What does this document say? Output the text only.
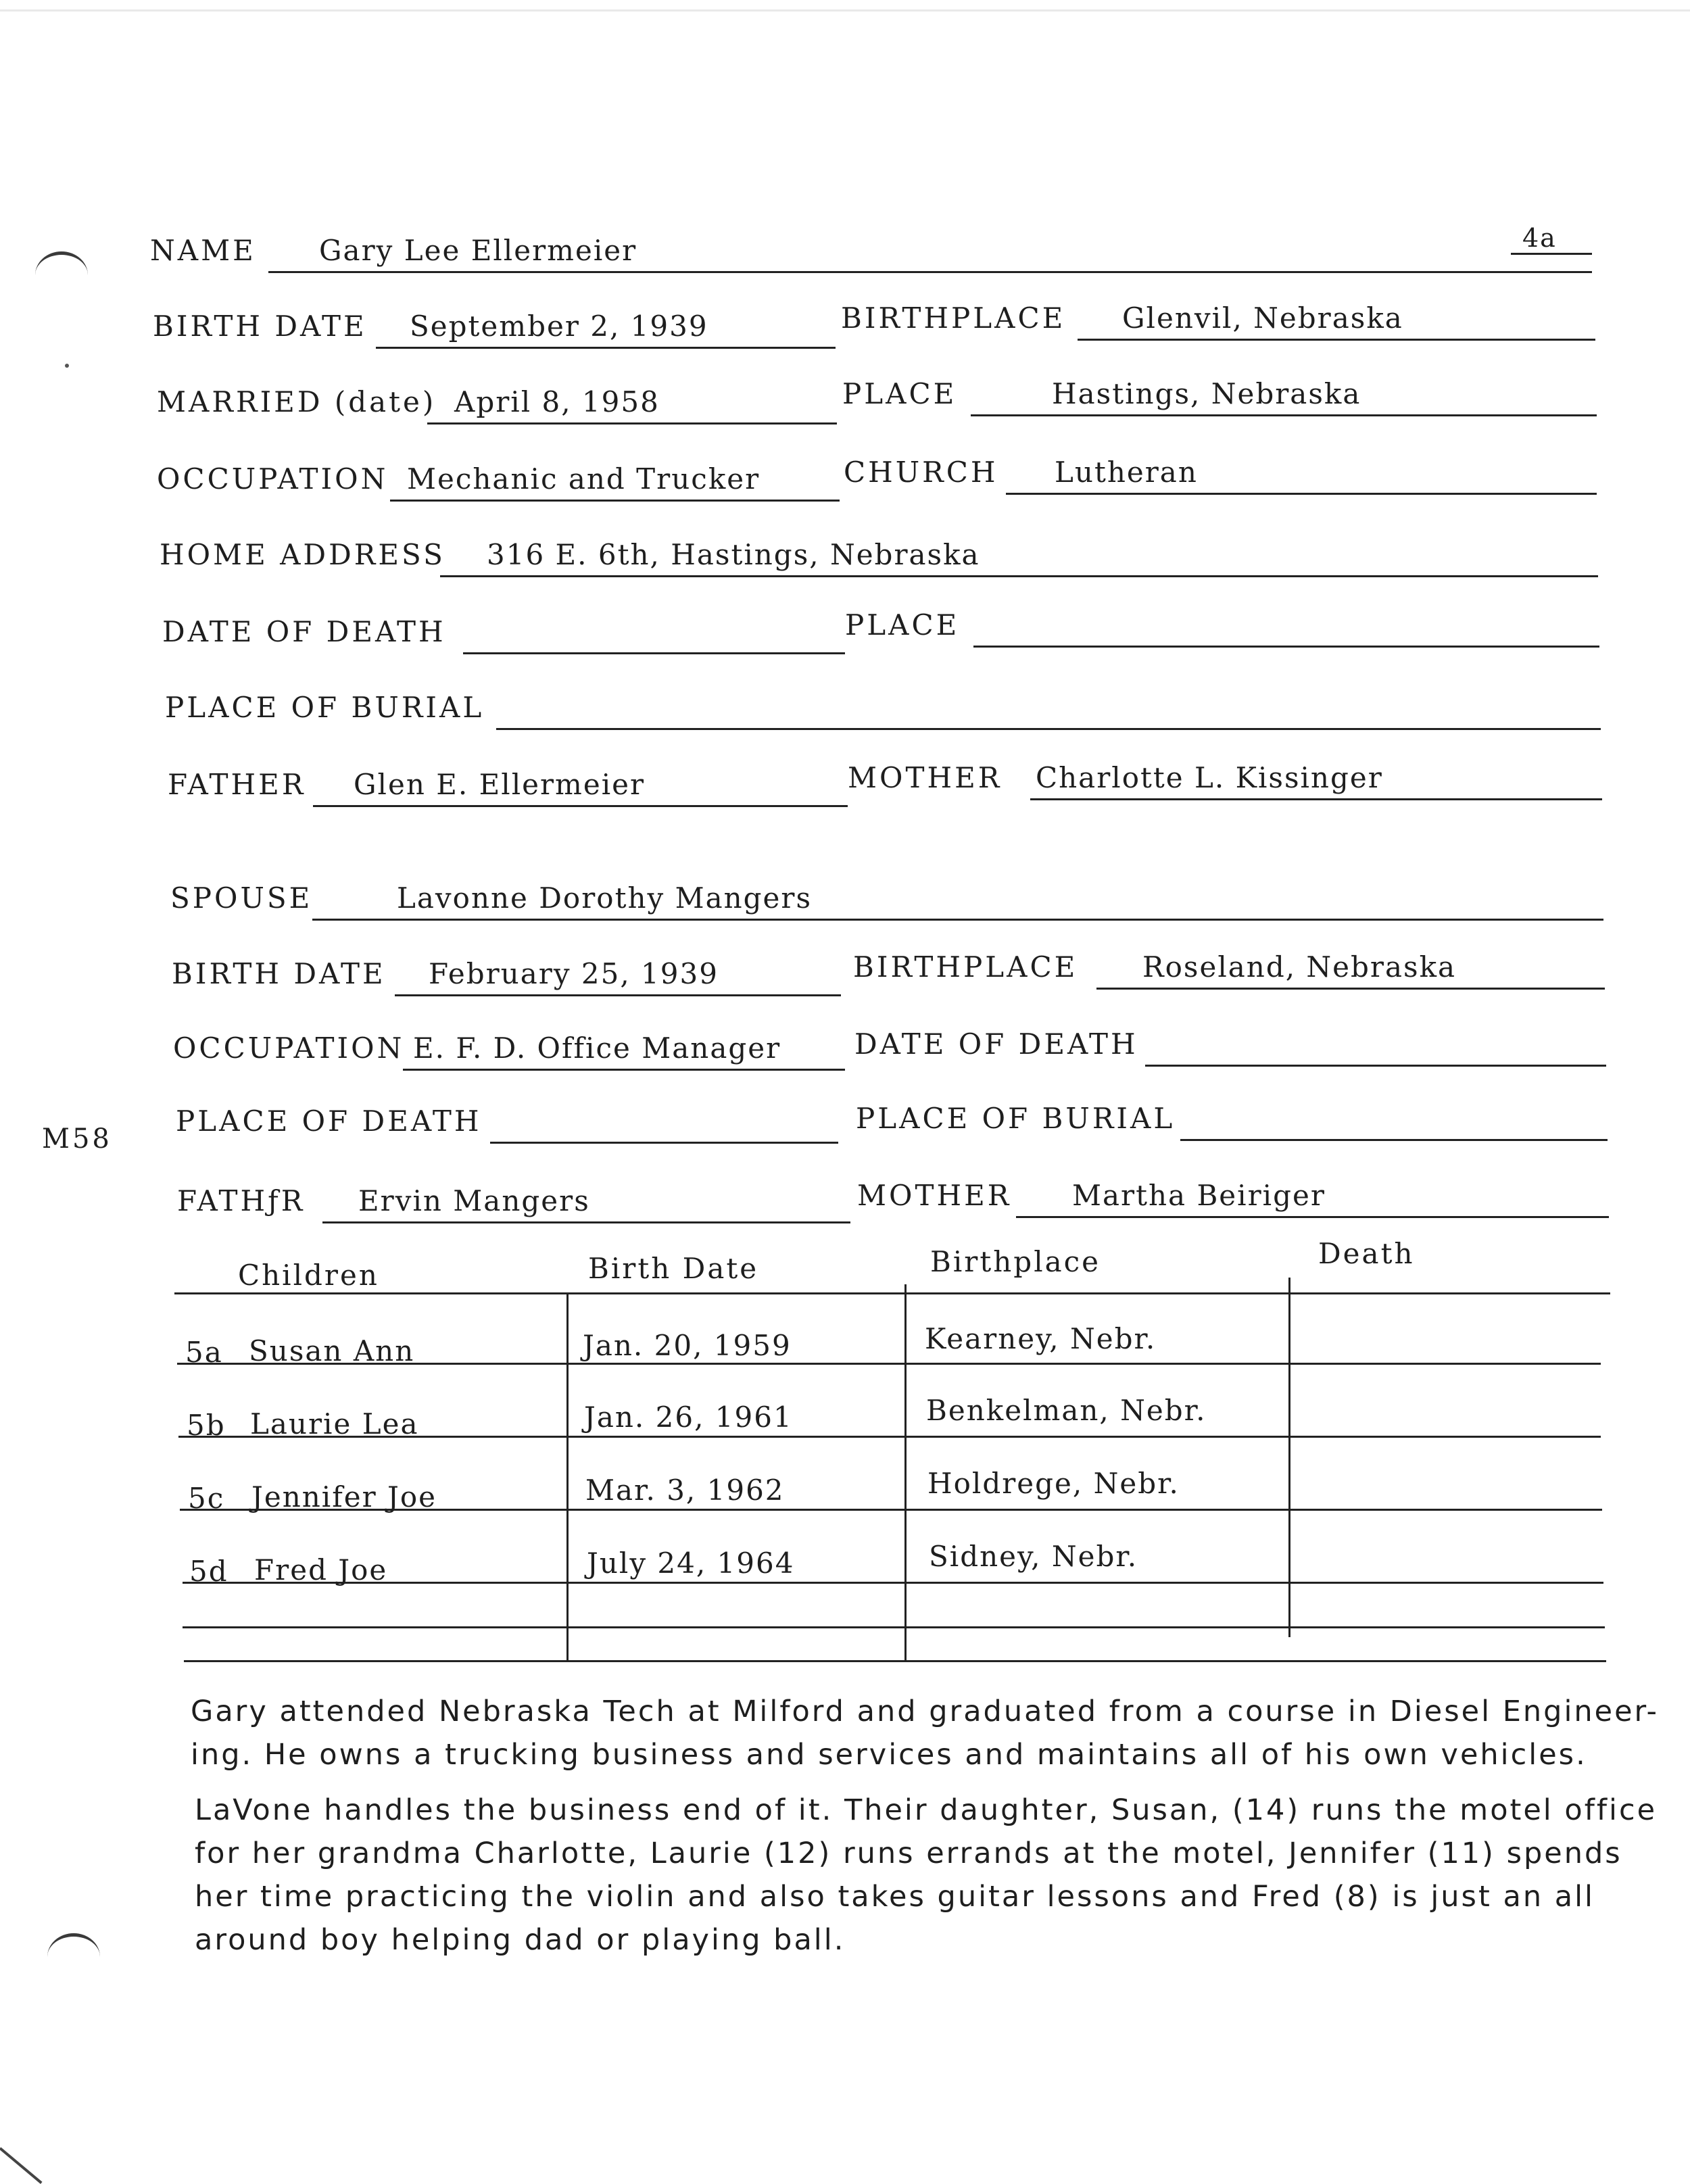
4a
NAME Gary Lee Ellermeier
BIRTH DATE September 2, 1939	BIRTHPLACE Glenvil, Nebraska
MARRIED (date) April 8, 1958	PLACE	Hastings, Nebraska
OCCUPATION Mechanic and Trucker	CHURCH Lutheran
HOME ADDRESS 316 E. 6th, Hastings, Nebraska
DATE OF DEATH	PLACE
PLACE OF BURIAL
FATHER Glen E. Ellermeier	MOTHER Charlotte L. Kissinger
SPOUSE	Lavonne Dorothy Mangers
BIRTH DATE February 25, 1939	BIRTHPLACE Roseland, Nebraska
OCCUPATION E. F. D. Office Manager	DATE OF DEATH
PLACE OF DEATH	PLACE OF BURIAL
M58
FATHƒR Ervin Mangers	MOTHER Martha Beiriger
Children	Birth Date	Birthplace	Death
5a Susan Ann	Jan. 20, 1959	Kearney, Nebr.
5b Laurie Lea	Jan. 26, 1961	Benkelman, Nebr.
5c Jennifer Joe	Mar. 3, 1962	Holdrege, Nebr.
5d Fred Joe	July 24, 1964	Sidney, Nebr.
Gary attended Nebraska Tech at Milford and graduated from a course in Diesel Engineer-
ing. He owns a trucking business and services and maintains all of his own vehicles.
LaVone handles the business end of it. Their daughter, Susan, (14) runs the motel office
for her grandma Charlotte, Laurie (12) runs errands at the motel, Jennifer (11) spends
her time practicing the violin and also takes guitar lessons and Fred (8) is just an all
around boy helping dad or playing ball.
